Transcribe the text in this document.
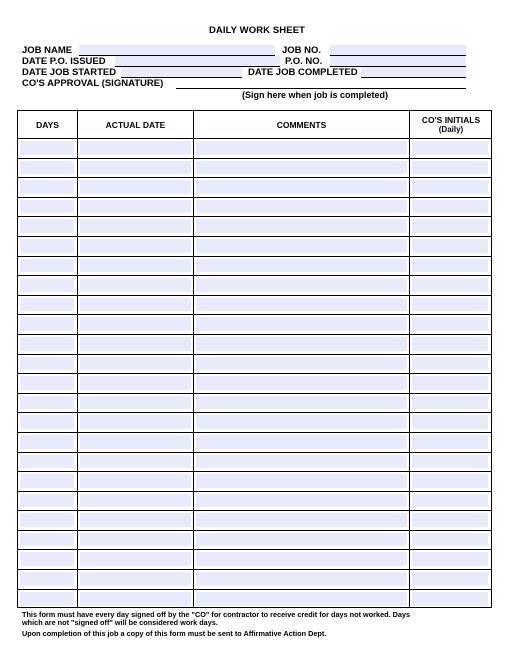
DAILY WORK SHEET
JOB NAME	JOB NO.
DATE P.O. ISSUED	P.O. NO.
DATE JOB STARTED	DATE JOB COMPLETED
CO'S APPROVAL (SIGNATURE)
(Sign here when job is completed)
DAYS	ACTUAL DATE	COMMENTS	CO'S INITIALS
(Daily)
This form must have every day signed off by the "CO" for contractor to receive credit for days not worked. Days
which are not "signed off" will be considered work days.
Upon completion of this job a copy of this form must be sent to Affirmative Action Dept.
